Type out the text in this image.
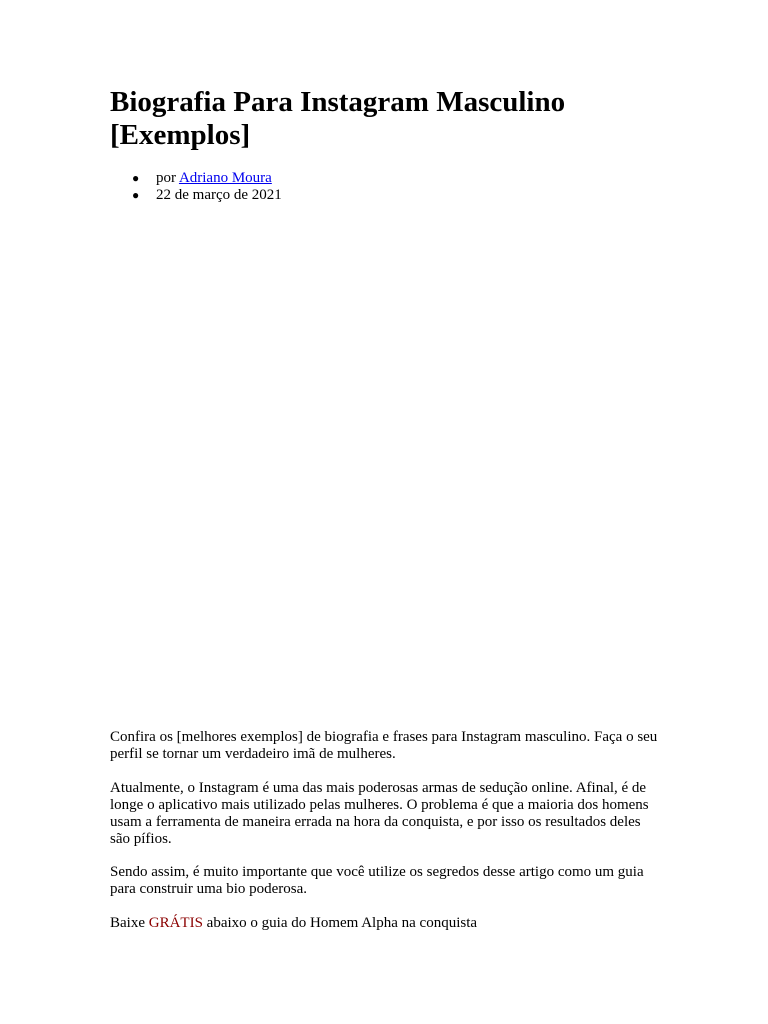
Biografia Para Instagram Masculino [Exemplos]
● por Adriano Moura
● 22 de março de 2021

Confira os [melhores exemplos] de biografia e frases para Instagram masculino. Faça o seu perfil se tornar um verdadeiro imã de mulheres.

Atualmente, o Instagram é uma das mais poderosas armas de sedução online. Afinal, é de longe o aplicativo mais utilizado pelas mulheres. O problema é que a maioria dos homens usam a ferramenta de maneira errada na hora da conquista, e por isso os resultados deles são pífios.

Sendo assim, é muito importante que você utilize os segredos desse artigo como um guia para construir uma bio poderosa.

Baixe GRÁTIS abaixo o guia do Homem Alpha na conquista
